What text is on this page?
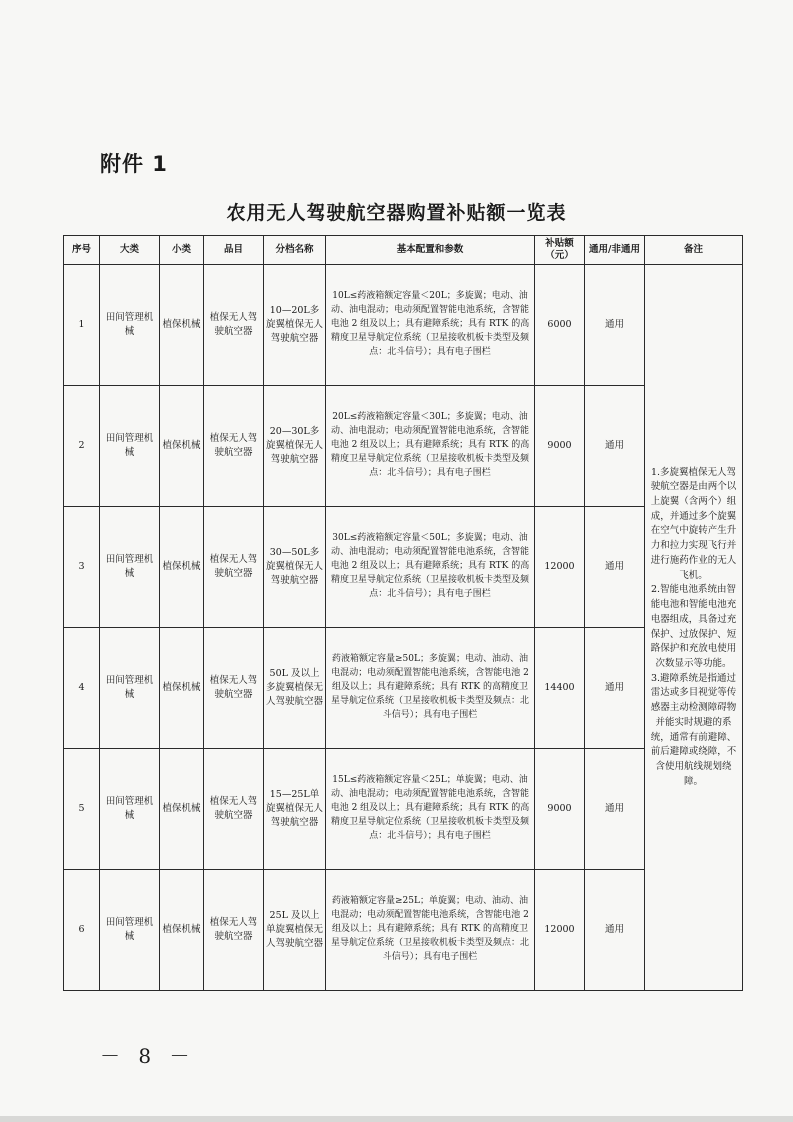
附件 1
农用无人驾驶航空器购置补贴额一览表
序号	大类	小类	品目	分档名称	基本配置和参数	补贴额（元）	通用/非通用	备注
1	田间管理机械	植保机械	植保无人驾驶航空器	10—20L多旋翼植保无人驾驶航空器	10L≤药液箱额定容量＜20L；多旋翼；电动、油动、油电混动；电动须配置智能电池系统，含智能电池 2 组及以上；具有避障系统；具有 RTK 的高精度卫星导航定位系统（卫星接收机板卡类型及频点：北斗信号）；具有电子围栏	6000	通用	1.多旋翼植保无人驾驶航空器是由两个以上旋翼（含两个）组成，并通过多个旋翼在空气中旋转产生升力和拉力实现飞行并进行施药作业的无人飞机。
2.智能电池系统由智能电池和智能电池充电器组成，具备过充保护、过放保护、短路保护和充放电使用次数显示等功能。
3.避障系统是指通过雷达或多目视觉等传感器主动检测障碍物并能实时规避的系统，通常有前避障、前后避障或绕障，不含使用航线规划绕障。

2	田间管理机械	植保机械	植保无人驾驶航空器	20—30L多旋翼植保无人驾驶航空器	20L≤药液箱额定容量＜30L；多旋翼；电动、油动、油电混动；电动须配置智能电池系统，含智能电池 2 组及以上；具有避障系统；具有 RTK 的高精度卫星导航定位系统（卫星接收机板卡类型及频点：北斗信号）；具有电子围栏	9000	通用	
3	田间管理机械	植保机械	植保无人驾驶航空器	30—50L多旋翼植保无人驾驶航空器	30L≤药液箱额定容量＜50L；多旋翼；电动、油动、油电混动；电动须配置智能电池系统，含智能电池 2 组及以上；具有避障系统；具有 RTK 的高精度卫星导航定位系统（卫星接收机板卡类型及频点：北斗信号）；具有电子围栏	12000	通用	
4	田间管理机械	植保机械	植保无人驾驶航空器	50L 及以上多旋翼植保无人驾驶航空器	药液箱额定容量≥50L；多旋翼；电动、油动、油电混动；电动须配置智能电池系统，含智能电池 2 组及以上；具有避障系统；具有 RTK 的高精度卫星导航定位系统（卫星接收机板卡类型及频点：北斗信号）；具有电子围栏	14400	通用	
5	田间管理机械	植保机械	植保无人驾驶航空器	15—25L单旋翼植保无人驾驶航空器	15L≤药液箱额定容量＜25L；单旋翼；电动、油动、油电混动；电动须配置智能电池系统，含智能电池 2 组及以上；具有避障系统；具有 RTK 的高精度卫星导航定位系统（卫星接收机板卡类型及频点：北斗信号）；具有电子围栏	9000	通用	
6	田间管理机械	植保机械	植保无人驾驶航空器	25L 及以上单旋翼植保无人驾驶航空器	药液箱额定容量≥25L；单旋翼；电动、油动、油电混动；电动须配置智能电池系统，含智能电池 2 组及以上；具有避障系统；具有 RTK 的高精度卫星导航定位系统（卫星接收机板卡类型及频点：北斗信号）；具有电子围栏	12000	通用	
－ 8 －
